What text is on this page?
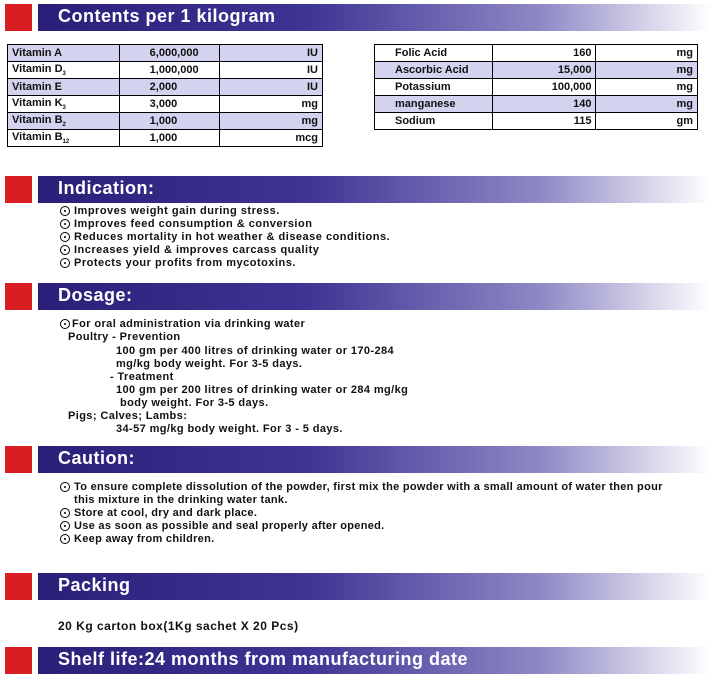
Contents per 1 kilogram
Vitamin A	6,000,000	IU
Vitamin $D_3$	1,000,000	IU
Vitamin E	2,000	IU
Vitamin $K_3$	3,000	mg
Vitamin $B_2$	1,000	mg
Vitamin $B_{12}$	1,000	mcg
Folic Acid	160	mg
Ascorbic Acid	15,000	mg
Potassium	100,000	mg
manganese	140	mg
Sodium	115	gm
Indication:
Improves weight gain during stress.
Improves feed consumption & conversion
Reduces mortality in hot weather & disease conditions.
Increases yield & improves carcass quality
Protects your profits from mycotoxins.
Dosage:
For oral administration via drinking water
Poultry - Prevention
100 gm per 400 litres of drinking water or 170-284
mg/kg body weight. For 3-5 days.
- Treatment
100 gm per 200 litres of drinking water or 284 mg/kg
body weight. For 3-5 days.
Pigs; Calves; Lambs:
34-57 mg/kg body weight. For 3 - 5 days.
Caution:
To ensure complete dissolution of the powder, first mix the powder with a small amount of water then pour
this mixture in the drinking water tank.
Store at cool, dry and dark place.
Use as soon as possible and seal properly after opened.
Keep away from children.
Packing
20 Kg carton box(1Kg sachet X 20 Pcs)
Shelf life:24 months from manufacturing date
